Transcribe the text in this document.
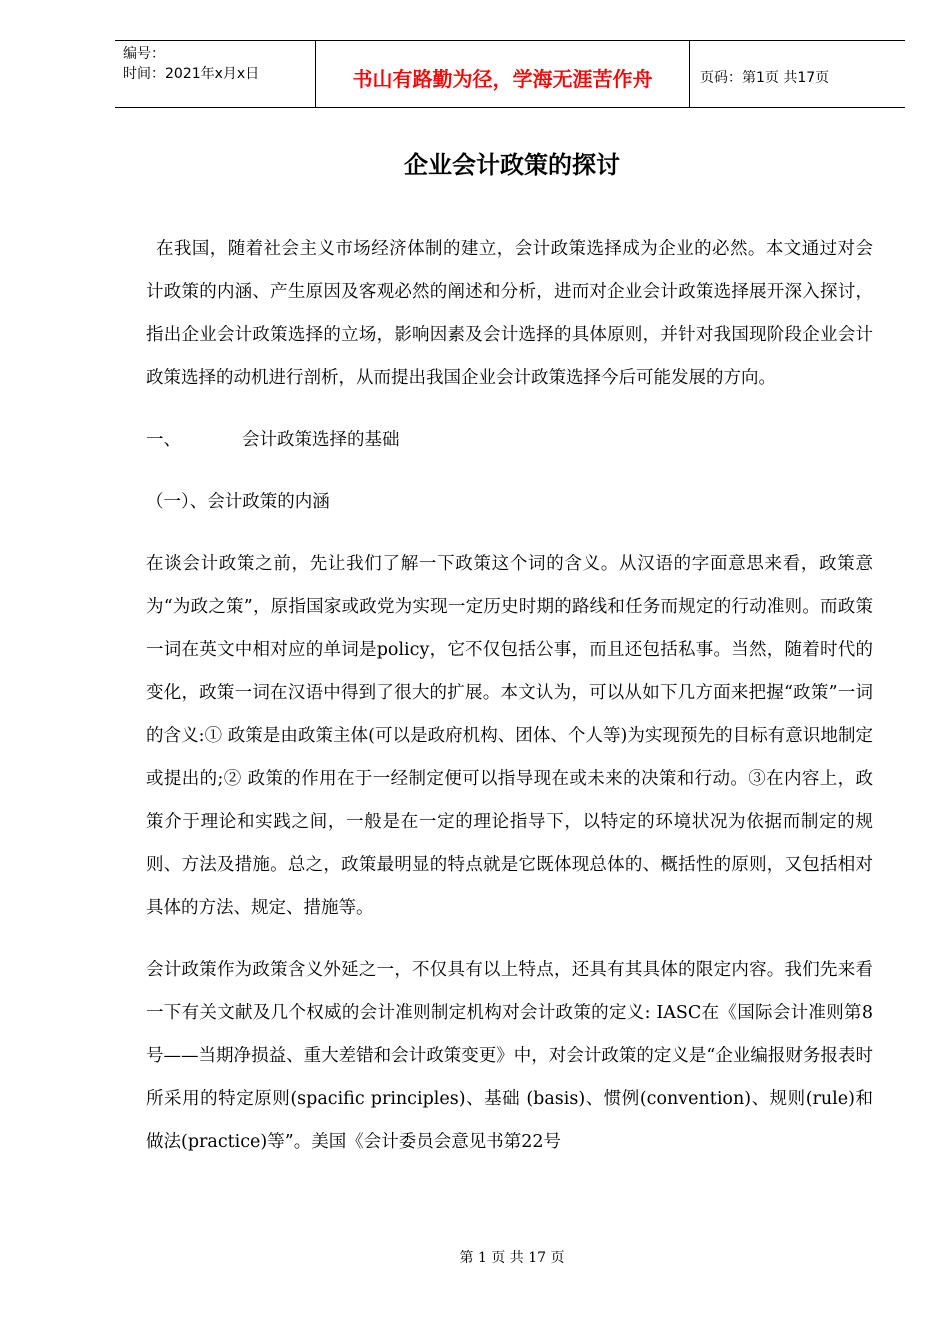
编号：
时间：2021年x月x日	书山有路勤为径，学海无涯苦作舟	页码：第1页 共17页
企业会计政策的探讨

在我国，随着社会主义市场经济体制的建立，会计政策选择成为企业的必然。本文通过对会计政策的内涵、产生原因及客观必然的阐述和分析，进而对企业会计政策选择展开深入探讨，指出企业会计政策选择的立场，影响因素及会计选择的具体原则，并针对我国现阶段企业会计政策选择的动机进行剖析，从而提出我国企业会计政策选择今后可能发展的方向。

一、	会计政策选择的基础

（一）、会计政策的内涵

在谈会计政策之前，先让我们了解一下政策这个词的含义。从汉语的字面意思来看，政策意为“为政之策”，原指国家或政党为实现一定历史时期的路线和任务而规定的行动准则。而政策一词在英文中相对应的单词是policy，它不仅包括公事，而且还包括私事。当然，随着时代的变化，政策一词在汉语中得到了很大的扩展。本文认为，可以从如下几方面来把握“政策”一词的含义:① 政策是由政策主体(可以是政府机构、团体、个人等)为实现预先的目标有意识地制定或提出的;② 政策的作用在于一经制定便可以指导现在或未来的决策和行动。③在内容上，政策介于理论和实践之间，一般是在一定的理论指导下，以特定的环境状况为依据而制定的规则、方法及措施。总之，政策最明显的特点就是它既体现总体的、概括性的原则，又包括相对具体的方法、规定、措施等。

会计政策作为政策含义外延之一，不仅具有以上特点，还具有其具体的限定内容。我们先来看一下有关文献及几个权威的会计准则制定机构对会计政策的定义: IASC在《国际会计准则第8号——当期净损益、重大差错和会计政策变更》中，对会计政策的定义是“企业编报财务报表时所采用的特定原则(spacific principles)、基础 (basis)、惯例(convention)、规则(rule)和做法(practice)等”。美国《会计委员会意见书第22号

第 1 页 共 17 页
